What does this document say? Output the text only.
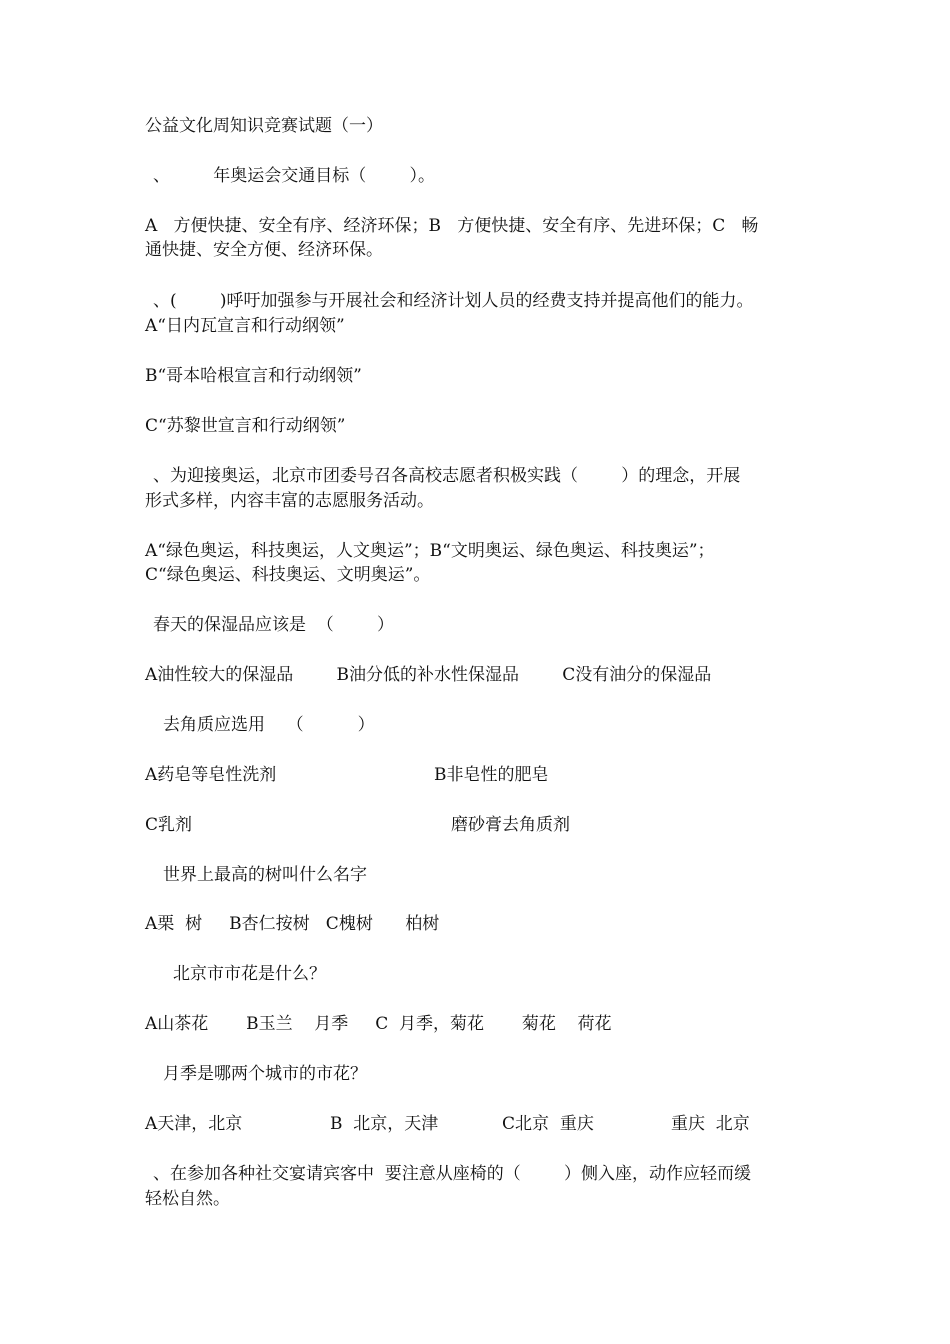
公益文化周知识竞赛试题（一）
、        年奥运会交通目标（        ）。
A   方便快捷、安全有序、经济环保；B   方便快捷、安全有序、先进环保；C   畅
通快捷、安全方便、经济环保。
、(        )呼吁加强参与开展社会和经济计划人员的经费支持并提高他们的能力。
A“日内瓦宣言和行动纲领”
B“哥本哈根宣言和行动纲领”
C“苏黎世宣言和行动纲领”
、为迎接奥运，北京市团委号召各高校志愿者积极实践（        ）的理念，开展
形式多样，内容丰富的志愿服务活动。
A“绿色奥运，科技奥运，人文奥运”；B“文明奥运、绿色奥运、科技奥运”；
C“绿色奥运、科技奥运、文明奥运”。
春天的保湿品应该是  （        ）
A油性较大的保湿品        B油分低的补水性保湿品        C没有油分的保湿品
去角质应选用    （          ）
A药皂等皂性洗剂	B非皂性的肥皂
C乳剂	磨砂膏去角质剂
世界上最高的树叫什么名字
A栗  树     B杏仁按树   C槐树      柏树
北京市市花是什么？
A山茶花       B玉兰    月季     C  月季，菊花       菊花    荷花
月季是哪两个城市的市花？
A天津，北京	B  北京，天津	C北京  重庆	重庆  北京
、在参加各种社交宴请宾客中  要注意从座椅的（        ）侧入座，动作应轻而缓
轻松自然。
